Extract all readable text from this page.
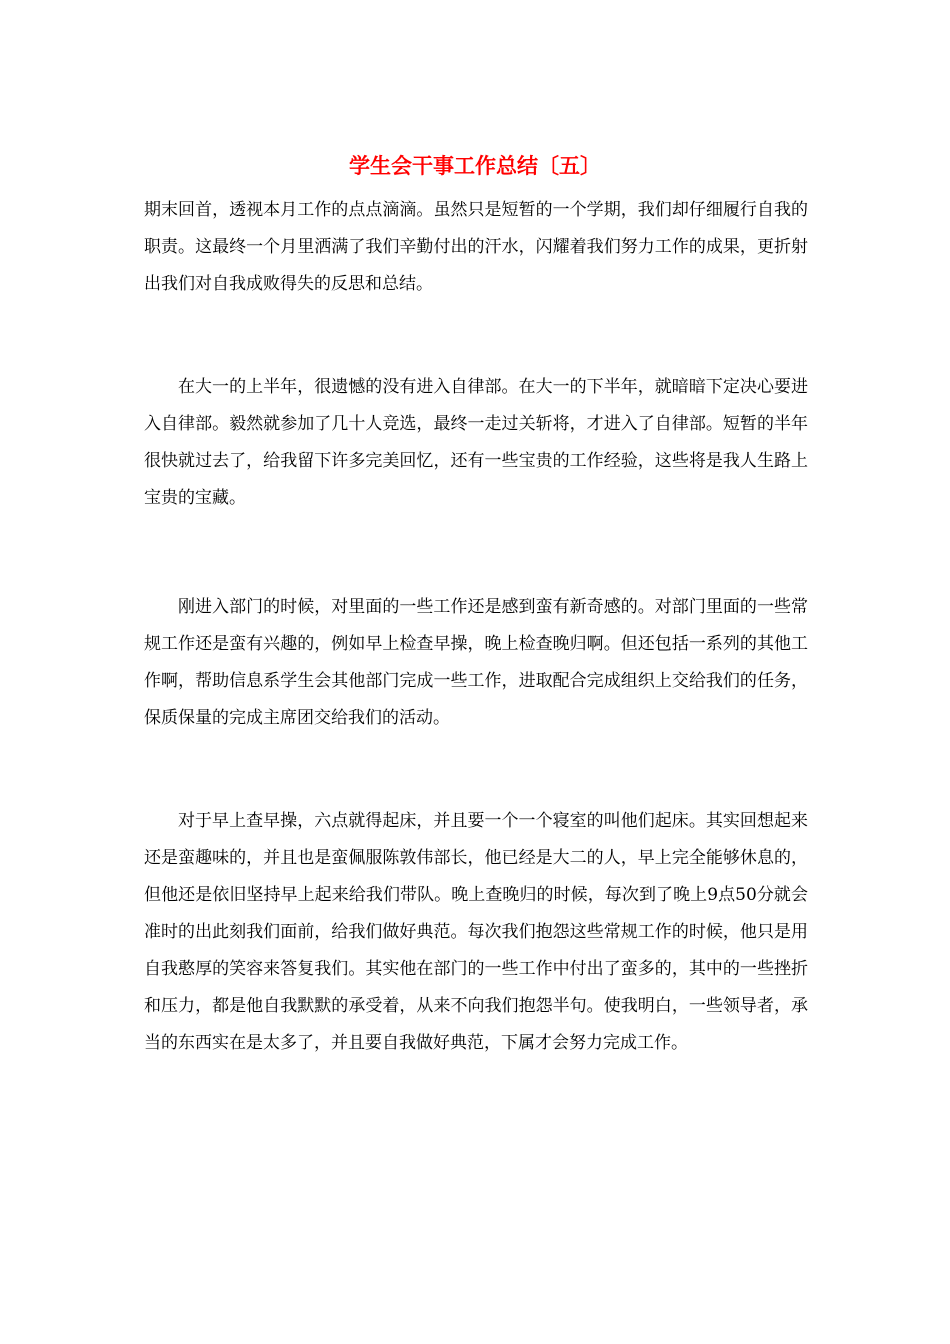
学生会干事工作总结〔五〕

期末回首，透视本月工作的点点滴滴。虽然只是短暂的一个学期，我们却仔细履行自我的职责。这最终一个月里洒满了我们辛勤付出的汗水，闪耀着我们努力工作的成果，更折射出我们对自我成败得失的反思和总结。

在大一的上半年，很遗憾的没有进入自律部。在大一的下半年，就暗暗下定决心要进入自律部。毅然就参加了几十人竞选，最终一走过关斩将，才进入了自律部。短暂的半年很快就过去了，给我留下许多完美回忆，还有一些宝贵的工作经验，这些将是我人生路上宝贵的宝藏。

刚进入部门的时候，对里面的一些工作还是感到蛮有新奇感的。对部门里面的一些常规工作还是蛮有兴趣的，例如早上检查早操，晚上检查晚归啊。但还包括一系列的其他工作啊，帮助信息系学生会其他部门完成一些工作，进取配合完成组织上交给我们的任务，保质保量的完成主席团交给我们的活动。

对于早上查早操，六点就得起床，并且要一个一个寝室的叫他们起床。其实回想起来还是蛮趣味的，并且也是蛮佩服陈敦伟部长，他已经是大二的人，早上完全能够休息的，但他还是依旧坚持早上起来给我们带队。晚上查晚归的时候，每次到了晚上9点50分就会准时的出此刻我们面前，给我们做好典范。每次我们抱怨这些常规工作的时候，他只是用自我憨厚的笑容来答复我们。其实他在部门的一些工作中付出了蛮多的，其中的一些挫折和压力，都是他自我默默的承受着，从来不向我们抱怨半句。使我明白，一些领导者，承当的东西实在是太多了，并且要自我做好典范，下属才会努力完成工作。
